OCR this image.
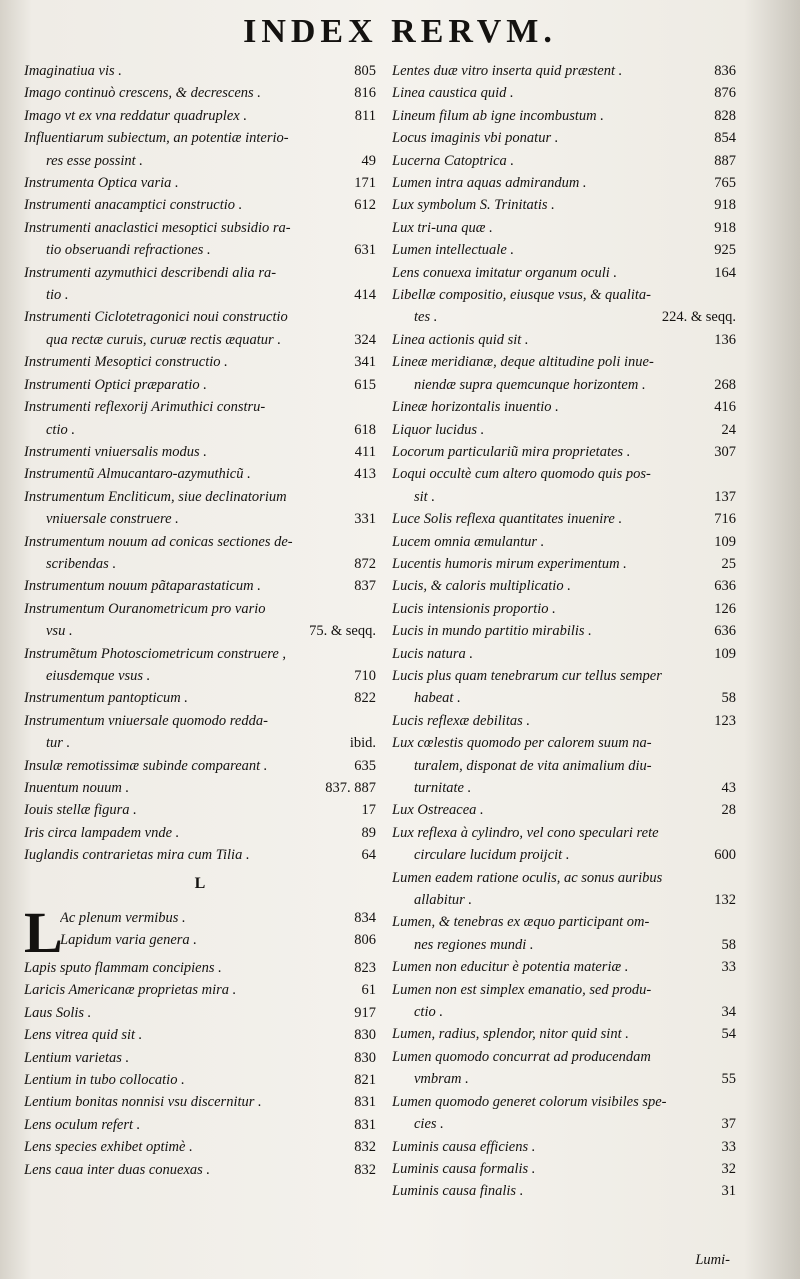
INDEX RERVM.
Imaginatiua vis .	805
Imago continuò crescens, & decrescens .	816
Imago vt ex vna reddatur quadruplex .	811
Influentiarum subiectum, an potentiæ interio-
res esse possint .	49
Instrumenta Optica varia .	171
Instrumenti anacamptici constructio .	612
Instrumenti anaclastici mesoptici subsidio ra-
tio obseruandi refractiones .	631
Instrumenti azymuthici describendi alia ra-
tio .	414
Instrumenti Ciclotetragonici noui constructio
qua rectæ curuis, curuæ rectis æquatur .	324
Instrumenti Mesoptici constructio .	341
Instrumenti Optici præparatio .	615
Instrumenti reflexorij Arimuthici constru-
ctio .	618
Instrumenti vniuersalis modus .	411
Instrumentũ Almucantaro-azymuthicũ .	413
Instrumentum Encliticum, siue declinatorium
vniuersale construere .	331
Instrumentum nouum ad conicas sectiones de-
scribendas .	872
Instrumentum nouum pãtaparastaticum .	837
Instrumentum Ouranometricum pro vario
vsu .	75. & seqq.
Instrumẽtum Photosciometricum construere ,
eiusdemque vsus .	710
Instrumentum pantopticum .	822
Instrumentum vniuersale quomodo redda-
tur .	ibid.
Insulæ remotissimæ subinde compareant .	635
Inuentum nouum .	837. 887
Iouis stellæ figura .	17
Iris circa lampadem vnde .	89
Iuglandis contrarietas mira cum Tilia .	64
L
L
Ac plenum vermibus .	834
Lapidum varia genera .	806
Lapis sputo flammam concipiens .	823
Laricis Americanæ proprietas mira .	61
Laus Solis .	917
Lens vitrea quid sit .	830
Lentium varietas .	830
Lentium in tubo collocatio .	821
Lentium bonitas nonnisi vsu discernitur .	831
Lens oculum refert .	831
Lens species exhibet optimè .	832
Lens caua inter duas conuexas .	832
Lentes duæ vitro inserta quid præstent .	836
Linea caustica quid .	876
Lineum filum ab igne incombustum .	828
Locus imaginis vbi ponatur .	854
Lucerna Catoptrica .	887
Lumen intra aquas admirandum .	765
Lux symbolum S. Trinitatis .	918
Lux tri-una quæ .	918
Lumen intellectuale .	925
Lens conuexa imitatur organum oculi .	164
Libellæ compositio, eiusque vsus, & qualita-
tes .	224. & seqq.
Linea actionis quid sit .	136
Lineæ meridianæ, deque altitudine poli inue-
niendæ supra quemcunque horizontem .	268
Lineæ horizontalis inuentio .	416
Liquor lucidus .	24
Locorum particulariũ mira proprietates .	307
Loqui occultè cum altero quomodo quis pos-
sit .	137
Luce Solis reflexa quantitates inuenire .	716
Lucem omnia æmulantur .	109
Lucentis humoris mirum experimentum .	25
Lucis, & caloris multiplicatio .	636
Lucis intensionis proportio .	126
Lucis in mundo partitio mirabilis .	636
Lucis natura .	109
Lucis plus quam tenebrarum cur tellus semper
habeat .	58
Lucis reflexæ debilitas .	123
Lux cœlestis quomodo per calorem suum na-
turalem, disponat de vita animalium diu-
turnitate .	43
Lux Ostreacea .	28
Lux reflexa à cylindro, vel cono speculari rete
circulare lucidum proijcit .	600
Lumen eadem ratione oculis, ac sonus auribus
allabitur .	132
Lumen, & tenebras ex æquo participant om-
nes regiones mundi .	58
Lumen non educitur è potentia materiæ .	33
Lumen non est simplex emanatio, sed produ-
ctio .	34
Lumen, radius, splendor, nitor quid sint .	54
Lumen quomodo concurrat ad producendam
vmbram .	55
Lumen quomodo generet colorum visibiles spe-
cies .	37
Luminis causa efficiens .	33
Luminis causa formalis .	32
Luminis causa finalis .	31
Lumi-
